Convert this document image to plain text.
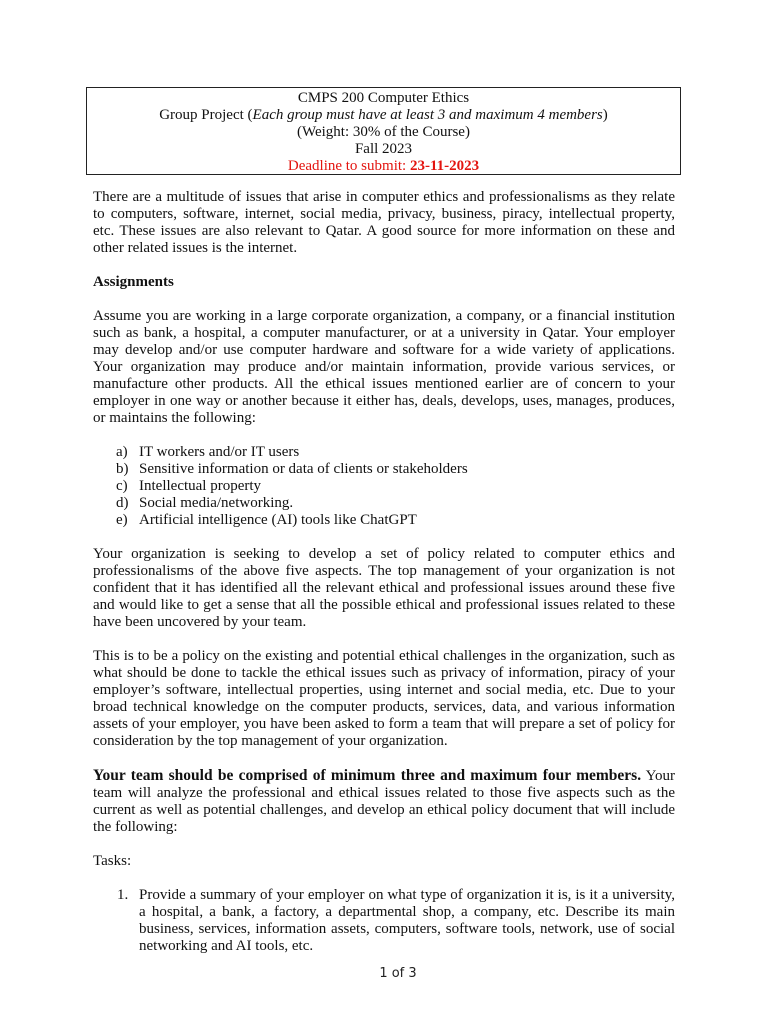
CMPS 200 Computer Ethics
Group Project (Each group must have at least 3 and maximum 4 members)
(Weight: 30% of the Course)
Fall 2023
Deadline to submit: 23-11-2023

There are a multitude of issues that arise in computer ethics and professionalisms as they relate to computers, software, internet, social media, privacy, business, piracy, intellectual property, etc. These issues are also relevant to Qatar. A good source for more information on these and other related issues is the internet.

Assignments

Assume you are working in a large corporate organization, a company, or a financial institution such as bank, a hospital, a computer manufacturer, or at a university in Qatar. Your employer may develop and/or use computer hardware and software for a wide variety of applications. Your organization may produce and/or maintain information, provide various services, or manufacture other products. All the ethical issues mentioned earlier are of concern to your employer in one way or another because it either has, deals, develops, uses, manages, produces, or maintains the following:

a) IT workers and/or IT users
b) Sensitive information or data of clients or stakeholders
c) Intellectual property
d) Social media/networking.
e) Artificial intelligence (AI) tools like ChatGPT

Your organization is seeking to develop a set of policy related to computer ethics and professionalisms of the above five aspects. The top management of your organization is not confident that it has identified all the relevant ethical and professional issues around these five and would like to get a sense that all the possible ethical and professional issues related to these have been uncovered by your team.

This is to be a policy on the existing and potential ethical challenges in the organization, such as what should be done to tackle the ethical issues such as privacy of information, piracy of your employer’s software, intellectual properties, using internet and social media, etc. Due to your broad technical knowledge on the computer products, services, data, and various information assets of your employer, you have been asked to form a team that will prepare a set of policy for consideration by the top management of your organization.

Your team should be comprised of minimum three and maximum four members. Your team will analyze the professional and ethical issues related to those five aspects such as the current as well as potential challenges, and develop an ethical policy document that will include the following:

Tasks:

1. Provide a summary of your employer on what type of organization it is, is it a university, a hospital, a bank, a factory, a departmental shop, a company, etc. Describe its main business, services, information assets, computers, software tools, network, use of social networking and AI tools, etc.
1 of 3
